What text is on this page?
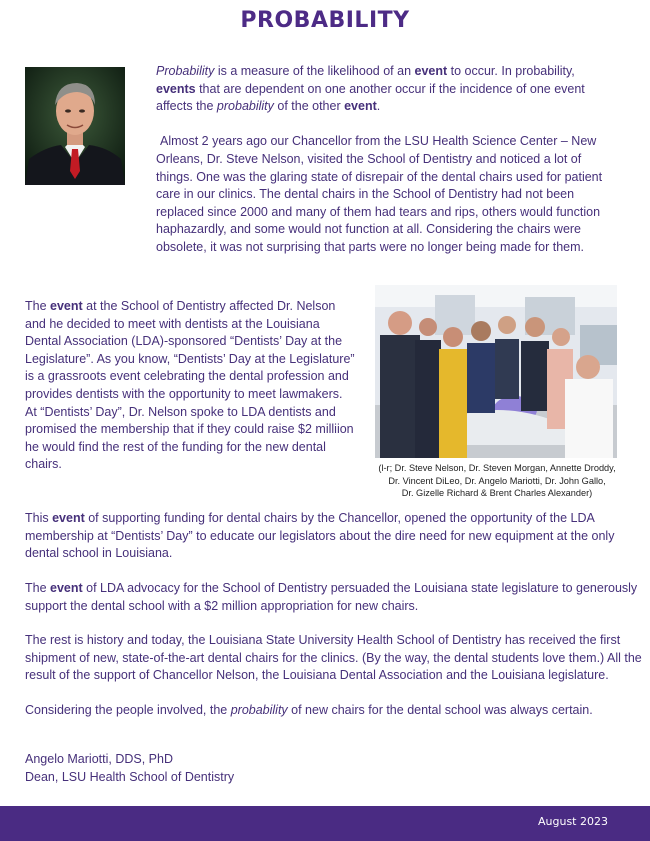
PROBABILITY

Probability is a measure of the likelihood of an event to occur. In probability, events that are dependent on one another occur if the incidence of one event affects the probability of the other event.

Almost 2 years ago our Chancellor from the LSU Health Science Center – New Orleans, Dr. Steve Nelson, visited the School of Dentistry and noticed a lot of things. One was the glaring state of disrepair of the dental chairs used for patient care in our clinics. The dental chairs in the School of Dentistry had not been replaced since 2000 and many of them had tears and rips, others would function haphazardly, and some would not function at all. Considering the chairs were obsolete, it was not surprising that parts were no longer being made for them.

The event at the School of Dentistry affected Dr. Nelson and he decided to meet with dentists at the Louisiana Dental Association (LDA)-sponsored “Dentists’ Day at the Legislature”. As you know, “Dentists’ Day at the Legislature” is a grassroots event celebrating the dental profession and provides dentists with the opportunity to meet lawmakers. At “Dentists’ Day”, Dr. Nelson spoke to LDA dentists and promised the membership that if they could raise $2 milliion he would find the rest of the funding for the new dental chairs.	(l-r; Dr. Steve Nelson, Dr. Steven Morgan, Annette Droddy,
Dr. Vincent DiLeo, Dr. Angelo Mariotti, Dr. John Gallo,
Dr. Gizelle Richard & Brent Charles Alexander)

This event of supporting funding for dental chairs by the Chancellor, opened the opportunity of the LDA membership at “Dentists’ Day” to educate our legislators about the dire need for new equipment at the only dental school in Louisiana.

The event of LDA advocacy for the School of Dentistry persuaded the Louisiana state legislature to generously support the dental school with a $2 million appropriation for new chairs.

The rest is history and today, the Louisiana State University Health School of Dentistry has received the first shipment of new, state-of-the-art dental chairs for the clinics. (By the way, the dental students love them.) All the result of the support of Chancellor Nelson, the Louisiana Dental Association and the Louisiana legislature.

Considering the people involved, the probability of new chairs for the dental school was always certain.

Angelo Mariotti, DDS, PhD
Dean, LSU Health School of Dentistry
August 2023
